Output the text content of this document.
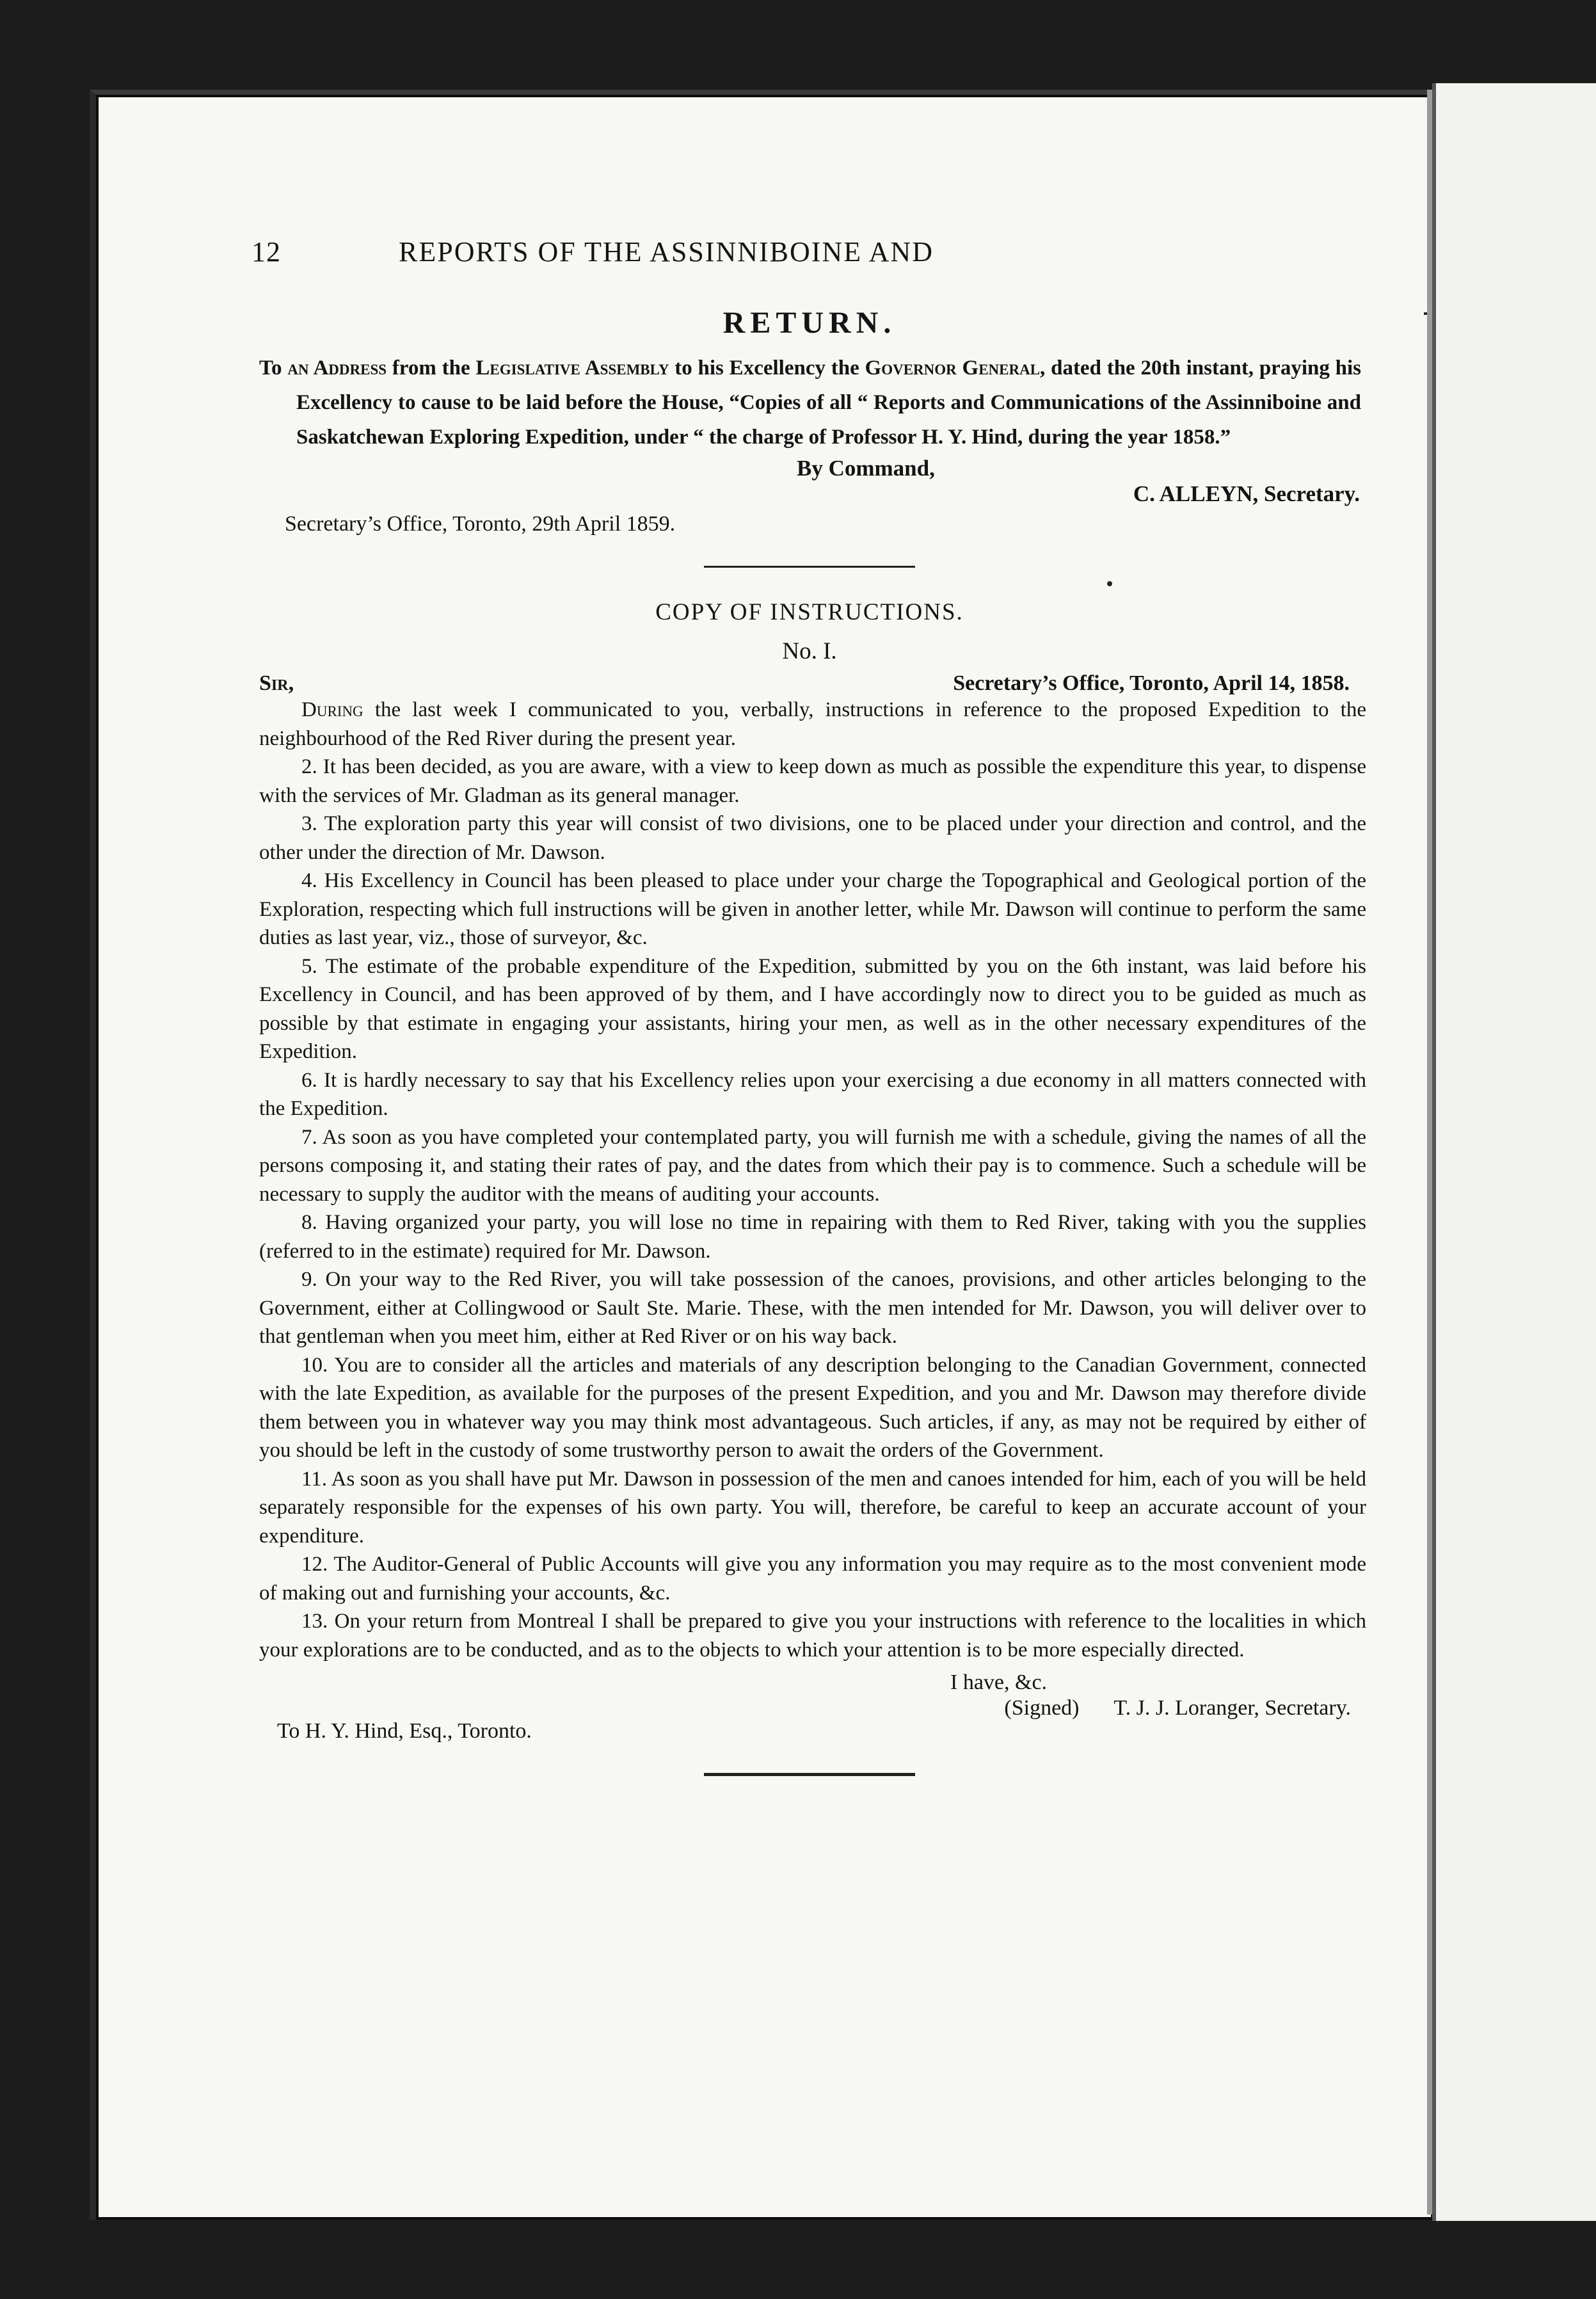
12	REPORTS OF THE ASSINNIBOINE AND
RETURN.
To an Address from the Legislative Assembly to his Excellency the Governor General, dated the 20th instant, praying his Excellency to cause to be laid before the House, “Copies of all “ Reports and Communications of the Assinniboine and Saskatchewan Exploring Expedition, under “ the charge of Professor H. Y. Hind, during the year 1858.”
By Command,
C. ALLEYN, Secretary.
Secretary’s Office, Toronto, 29th April 1859.
COPY OF INSTRUCTIONS.
No. I.
Sir,	Secretary’s Office, Toronto, April 14, 1858.

During the last week I communicated to you, verbally, instructions in reference to the proposed Expedition to the neighbourhood of the Red River during the present year.

2. It has been decided, as you are aware, with a view to keep down as much as possible the expenditure this year, to dispense with the services of Mr. Gladman as its general manager.

3. The exploration party this year will consist of two divisions, one to be placed under your direction and control, and the other under the direction of Mr. Dawson.

4. His Excellency in Council has been pleased to place under your charge the Topographical and Geological portion of the Exploration, respecting which full instructions will be given in another letter, while Mr. Dawson will continue to perform the same duties as last year, viz., those of surveyor, &c.

5. The estimate of the probable expenditure of the Expedition, submitted by you on the 6th instant, was laid before his Excellency in Council, and has been approved of by them, and I have accordingly now to direct you to be guided as much as possible by that estimate in engaging your assistants, hiring your men, as well as in the other necessary expenditures of the Expedition.

6. It is hardly necessary to say that his Excellency relies upon your exercising a due economy in all matters connected with the Expedition.

7. As soon as you have completed your contemplated party, you will furnish me with a schedule, giving the names of all the persons composing it, and stating their rates of pay, and the dates from which their pay is to commence. Such a schedule will be necessary to supply the auditor with the means of auditing your accounts.

8. Having organized your party, you will lose no time in repairing with them to Red River, taking with you the supplies (referred to in the estimate) required for Mr. Dawson.

9. On your way to the Red River, you will take possession of the canoes, provisions, and other articles belonging to the Government, either at Collingwood or Sault Ste. Marie. These, with the men intended for Mr. Dawson, you will deliver over to that gentleman when you meet him, either at Red River or on his way back.

10. You are to consider all the articles and materials of any description belonging to the Canadian Government, connected with the late Expedition, as available for the purposes of the present Expedition, and you and Mr. Dawson may therefore divide them between you in whatever way you may think most advantageous. Such articles, if any, as may not be required by either of you should be left in the custody of some trustworthy person to await the orders of the Government.

11. As soon as you shall have put Mr. Dawson in possession of the men and canoes intended for him, each of you will be held separately responsible for the expenses of his own party. You will, therefore, be careful to keep an accurate account of your expenditure.

12. The Auditor-General of Public Accounts will give you any information you may require as to the most convenient mode of making out and furnishing your accounts, &c.

13. On your return from Montreal I shall be prepared to give you your instructions with reference to the localities in which your explorations are to be conducted, and as to the objects to which your attention is to be more especially directed.

I have, &c.
To H. Y. Hind, Esq., Toronto.
(Signed) T. J. J. Loranger, Secretary.
